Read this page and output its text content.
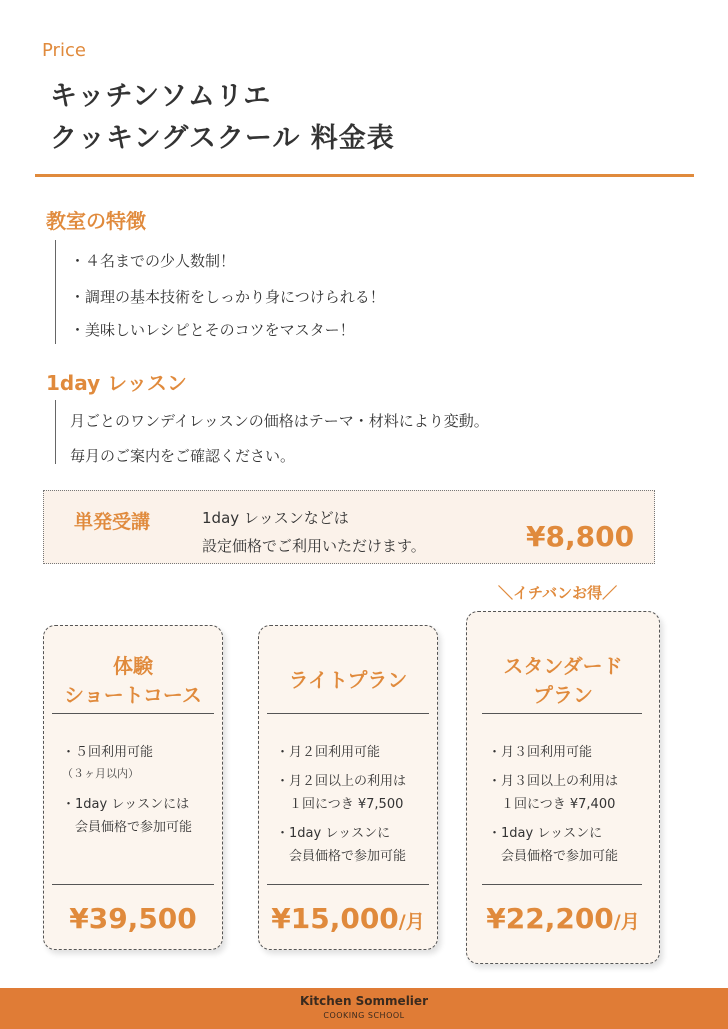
Price
キッチンソムリエ
クッキングスクール 料金表
教室の特徴
・４名までの少人数制！
・調理の基本技術をしっかり身につけられる！
・美味しいレシピとそのコツをマスター！
1day レッスン
月ごとのワンデイレッスンの価格はテーマ・材料により変動。
毎月のご案内をご確認ください。
単発受講	1day レッスンなどは
設定価格でご利用いただけます。	¥8,800
＼イチバンお得／
体験
ショートコース
・５回利用可能
（３ヶ月以内）
・1day レッスンには
　会員価格で参加可能
¥39,500
ライトプラン
・月２回利用可能
・月２回以上の利用は
　１回につき ¥7,500
・1day レッスンに
　会員価格で参加可能
¥15,000/月
スタンダード
プラン
・月３回利用可能
・月３回以上の利用は
　１回につき ¥7,400
・1day レッスンに
　会員価格で参加可能
¥22,200/月
Kitchen Sommelier
COOKING SCHOOL
